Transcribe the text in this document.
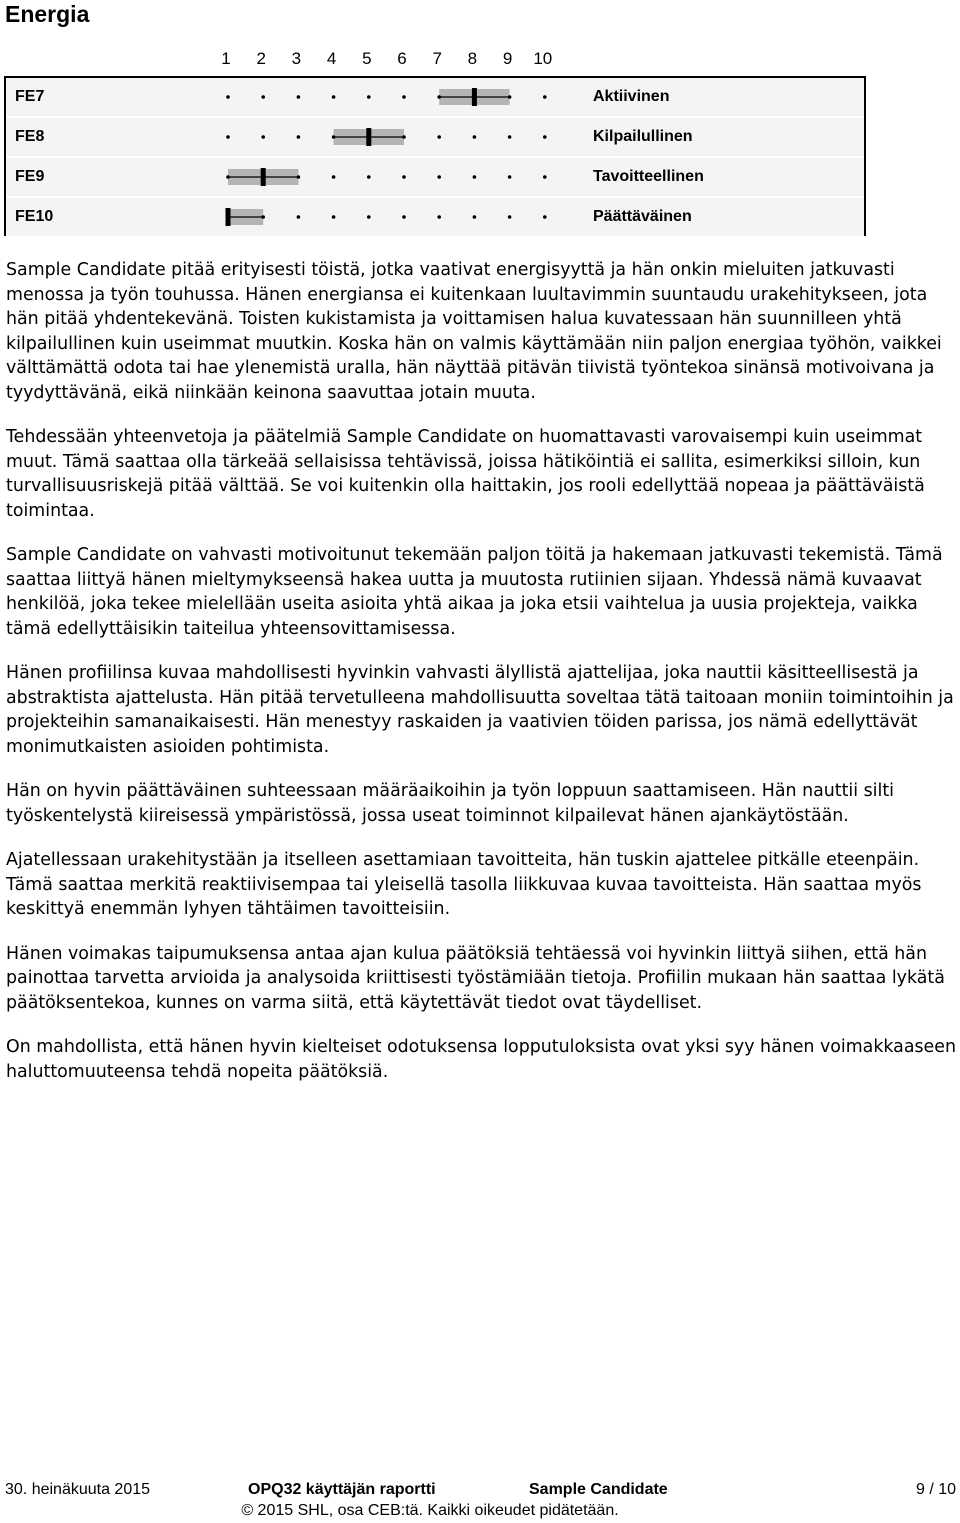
Energia
1	2	3	4	5	6	7	8	9	10
FE7	Aktiivinen
FE8	Kilpailullinen
FE9	Tavoitteellinen
FE10	Päättäväinen

Sample Candidate pitää erityisesti töistä, jotka vaativat energisyyttä ja hän onkin mieluiten jatkuvasti menossa ja työn touhussa. Hänen energiansa ei kuitenkaan luultavimmin suuntaudu urakehitykseen, jota hän pitää yhdentekevänä. Toisten kukistamista ja voittamisen halua kuvatessaan hän suunnilleen yhtä kilpailullinen kuin useimmat muutkin. Koska hän on valmis käyttämään niin paljon energiaa työhön, vaikkei välttämättä odota tai hae ylenemistä uralla, hän näyttää pitävän tiivistä työntekoa sinänsä motivoivana ja tyydyttävänä, eikä niinkään keinona saavuttaa jotain muuta.

Tehdessään yhteenvetoja ja päätelmiä Sample Candidate on huomattavasti varovaisempi kuin useimmat muut. Tämä saattaa olla tärkeää sellaisissa tehtävissä, joissa hätiköintiä ei sallita, esimerkiksi silloin, kun turvallisuusriskejä pitää välttää. Se voi kuitenkin olla haittakin, jos rooli edellyttää nopeaa ja päättäväistä toimintaa.

Sample Candidate on vahvasti motivoitunut tekemään paljon töitä ja hakemaan jatkuvasti tekemistä. Tämä saattaa liittyä hänen mieltymykseensä hakea uutta ja muutosta rutiinien sijaan. Yhdessä nämä kuvaavat henkilöä, joka tekee mielellään useita asioita yhtä aikaa ja joka etsii vaihtelua ja uusia projekteja, vaikka tämä edellyttäisikin taiteilua yhteensovittamisessa.

Hänen profiilinsa kuvaa mahdollisesti hyvinkin vahvasti älyllistä ajattelijaa, joka nauttii käsitteellisestä ja abstraktista ajattelusta. Hän pitää tervetulleena mahdollisuutta soveltaa tätä taitoaan moniin toimintoihin ja projekteihin samanaikaisesti. Hän menestyy raskaiden ja vaativien töiden parissa, jos nämä edellyttävät monimutkaisten asioiden pohtimista.

Hän on hyvin päättäväinen suhteessaan määräaikoihin ja työn loppuun saattamiseen. Hän nauttii silti työskentelystä kiireisessä ympäristössä, jossa useat toiminnot kilpailevat hänen ajankäytöstään.

Ajatellessaan urakehitystään ja itselleen asettamiaan tavoitteita, hän tuskin ajattelee pitkälle eteenpäin. Tämä saattaa merkitä reaktiivisempaa tai yleisellä tasolla liikkuvaa kuvaa tavoitteista. Hän saattaa myös keskittyä enemmän lyhyen tähtäimen tavoitteisiin.

Hänen voimakas taipumuksensa antaa ajan kulua päätöksiä tehtäessä voi hyvinkin liittyä siihen, että hän painottaa tarvetta arvioida ja analysoida kriittisesti työstämiään tietoja. Profiilin mukaan hän saattaa lykätä päätöksentekoa, kunnes on varma siitä, että käytettävät tiedot ovat täydelliset.

On mahdollista, että hänen hyvin kielteiset odotuksensa lopputuloksista ovat yksi syy hänen voimakkaaseen haluttomuuteensa tehdä nopeita päätöksiä.

30. heinäkuuta 2015	OPQ32 käyttäjän raportti	Sample Candidate	9 / 10
© 2015 SHL, osa CEB:tä. Kaikki oikeudet pidätetään.
